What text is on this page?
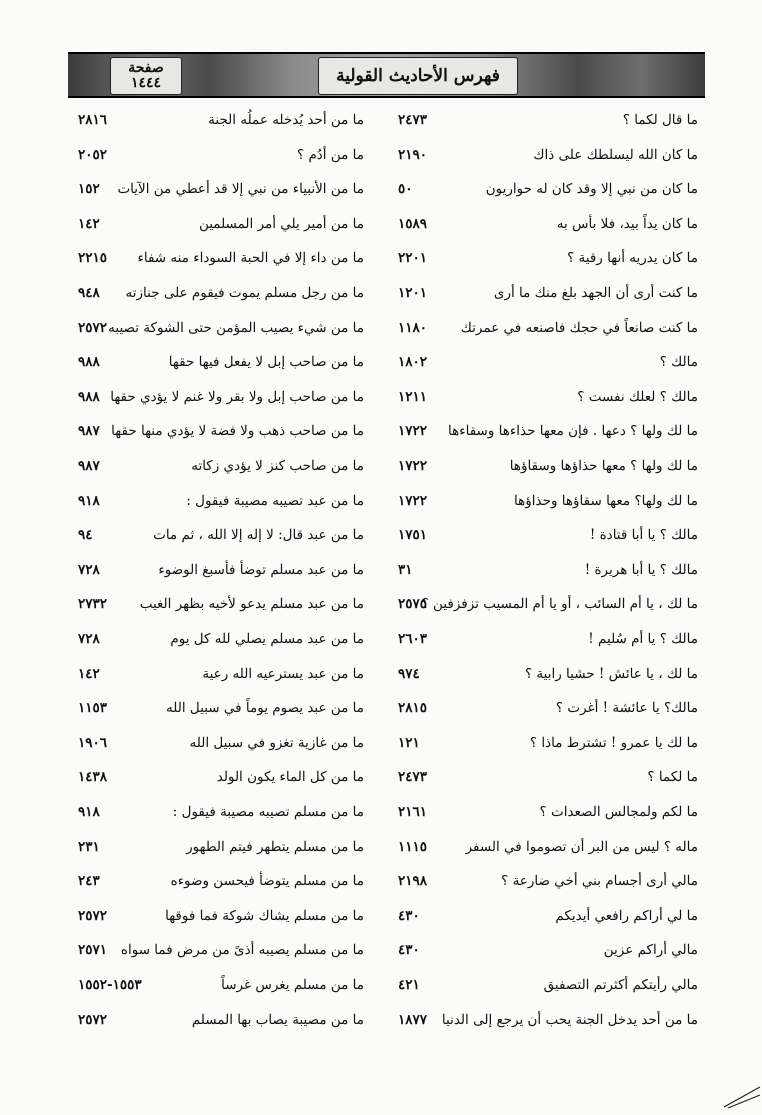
صفحة
١٤٤٤	فهرس الأحاديث القولية
ما قال لكما ؟
٢٤٧٣
ما من أحد يُدخله عملُه الجنة
٢٨١٦
ما كان الله ليسلطك على ذاك
٢١٩٠
ما من أدُم ؟
٢٠٥٢
ما كان من نبي إلا وقد كان له حواريون
٥٠
ما من الأنبياء من نبي إلا قد أعطي من الآيات
١٥٢
ما كان يداً بيد، فلا بأس به
١٥٨٩
ما من أمير يلي أمر المسلمين
١٤٢
ما كان يدريه أنها رقية ؟
٢٢٠١
ما من داء إلا في الحبة السوداء منه شفاء
٢٢١٥
ما كنت أرى أن الجهد بلغ منك ما أرى
١٢٠١
ما من رجل مسلم يموت فيقوم على جنازته
٩٤٨
ما كنت صانعاً في حجك فاصنعه في عمرتك
١١٨٠
ما من شيء يصيب المؤمن حتى الشوكة تصيبه
٢٥٧٢
مالك ؟
١٨٠٢
ما من صاحب إبل لا يفعل فيها حقها
٩٨٨
مالك ؟ لعلك نفست ؟
١٢١١
ما من صاحب إبل ولا بقر ولا غنم لا يؤدي حقها
٩٨٨
ما لك ولها ؟ دعها . فإن معها حذاءها وسقاءها
١٧٢٢
ما من صاحب ذهب ولا فضة لا يؤدي منها حقها
٩٨٧
ما لك ولها ؟ معها حذاؤها وسقاؤها
١٧٢٢
ما من صاحب كنز لا يؤدي زكاته
٩٨٧
ما لك ولها؟ معها سقاؤها وحذاؤها
١٧٢٢
ما من عبد تصيبه مصيبة فيقول :
٩١٨
مالك ؟ يا أبا قتادة !
١٧٥١
ما من عبد قال: لا إله إلا الله ، ثم مات
٩٤
مالك ؟ يا أبا هريرة !
٣١
ما من عبد مسلم توضأ فأسبغ الوضوء
٧٢٨
ما لك ، يا أم السائب ، أو يا أم المسيب تزفزفين ؟
٢٥٧٥
ما من عبد مسلم يدعو لأخيه بظهر الغيب
٢٧٣٢
مالك ؟ يا أم سُليم !
٢٦٠٣
ما من عبد مسلم يصلي لله كل يوم
٧٢٨
ما لك ، يا عائش ! حشيا رابية ؟
٩٧٤
ما من عبد يسترعيه الله رعية
١٤٢
مالك؟ يا عائشة ! أغرت ؟
٢٨١٥
ما من عبد يصوم يوماً في سبيل الله
١١٥٣
ما لك يا عمرو ! تشترط ماذا ؟
١٢١
ما من غازية تغزو في سبيل الله
١٩٠٦
ما لكما ؟
٢٤٧٣
ما من كل الماء يكون الولد
١٤٣٨
ما لكم ولمجالس الصعدات ؟
٢١٦١
ما من مسلم تصيبه مصيبة فيقول :
٩١٨
ماله ؟ ليس من البر أن تصوموا في السفر
١١١٥
ما من مسلم يتطهر فيتم الطهور
٢٣١
مالي أرى أجسام بني أخي ضارعة ؟
٢١٩٨
ما من مسلم يتوضأ فيحسن وضوءه
٢٤٣
ما لي أراكم رافعي أيديكم
٤٣٠
ما من مسلم يشاك شوكة فما فوقها
٢٥٧٢
مالي أراكم عزين
٤٣٠
ما من مسلم يصيبه أذىً من مرض فما سواه
٢٥٧١
مالي رأيتكم أكثرتم التصفيق
٤٢١
ما من مسلم يغرس غرساً
١٥٥٣-١٥٥٢
ما من أحد يدخل الجنة يحب أن يرجع إلى الدنيا
١٨٧٧
ما من مصيبة يصاب بها المسلم
٢٥٧٢
